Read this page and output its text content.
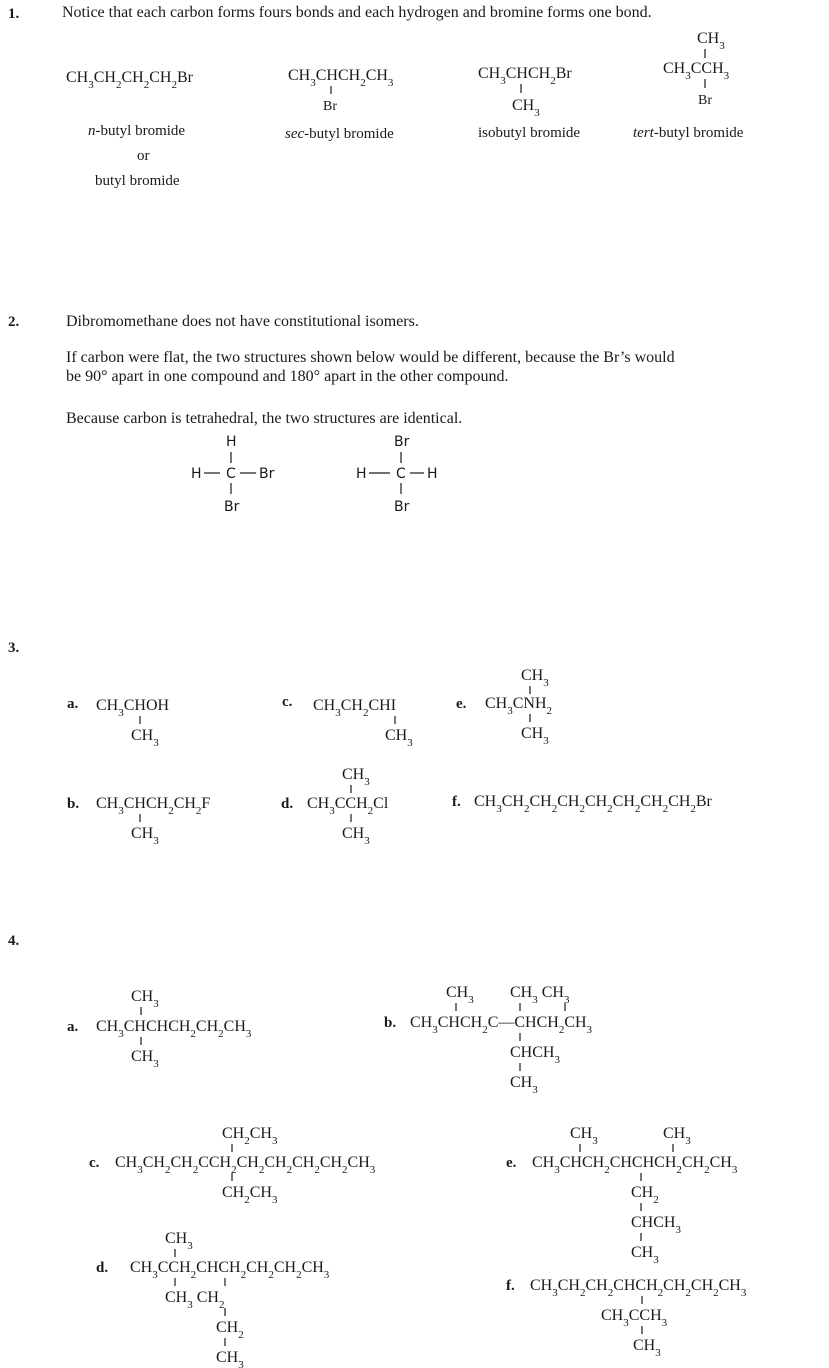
1.	Notice that each carbon forms fours bonds and each hydrogen and bromine forms one bond.
$CH_3CH_2CH_2CH_2Br$
n-butyl bromide
or
butyl bromide
$CH_3CHCH_2CH_3$
Br
sec-butyl bromide
$CH_3CHCH_2Br$
$CH_3$
isobutyl bromide
$CH_3$
$CH_3CCH_3$
Br
tert-butyl bromide
2.	Dibromomethane does not have constitutional isomers.
If carbon were flat, the two structures shown below would be different, because the Br’s would
be 90° apart in one compound and 180° apart in the other compound.
Because carbon is tetrahedral, the two structures are identical.
H
H C Br
Br
Br
H C H
Br
3.
a. $CH_3CHOH$
$CH_3$
b. $CH_3CHCH_2CH_2F$
$CH_3$
c. $CH_3CH_2CHI$
$CH_3$
$CH_3$
d. $CH_3CCH_2Cl$
$CH_3$
$CH_3$
e. $CH_3CNH_2$
$CH_3$
f. $CH_3CH_2CH_2CH_2CH_2CH_2CH_2CH_2Br$
4.
$CH_3$
a. $CH_3CHCHCH_2CH_2CH_3$
$CH_3$
$CH_3$ $CH_3$ $CH_3$
b. $CH_3CHCH_2C—CHCH_2CH_3$
$CHCH_3$
$CH_3$
$CH_2CH_3$
c. $CH_3CH_2CH_2CCH_2CH_2CH_2CH_2CH_2CH_3$
$CH_2CH_3$
$CH_3$
d. $CH_3CCH_2CHCH_2CH_2CH_2CH_3$
$CH_3$ $CH_2$
$CH_2$
$CH_3$
$CH_3$	$CH_3$
e. $CH_3CHCH_2CHCHCH_2CH_2CH_3$
$CH_2$
$CHCH_3$
$CH_3$
f. $CH_3CH_2CH_2CHCH_2CH_2CH_2CH_3$
$CH_3CCH_3$
$CH_3$
